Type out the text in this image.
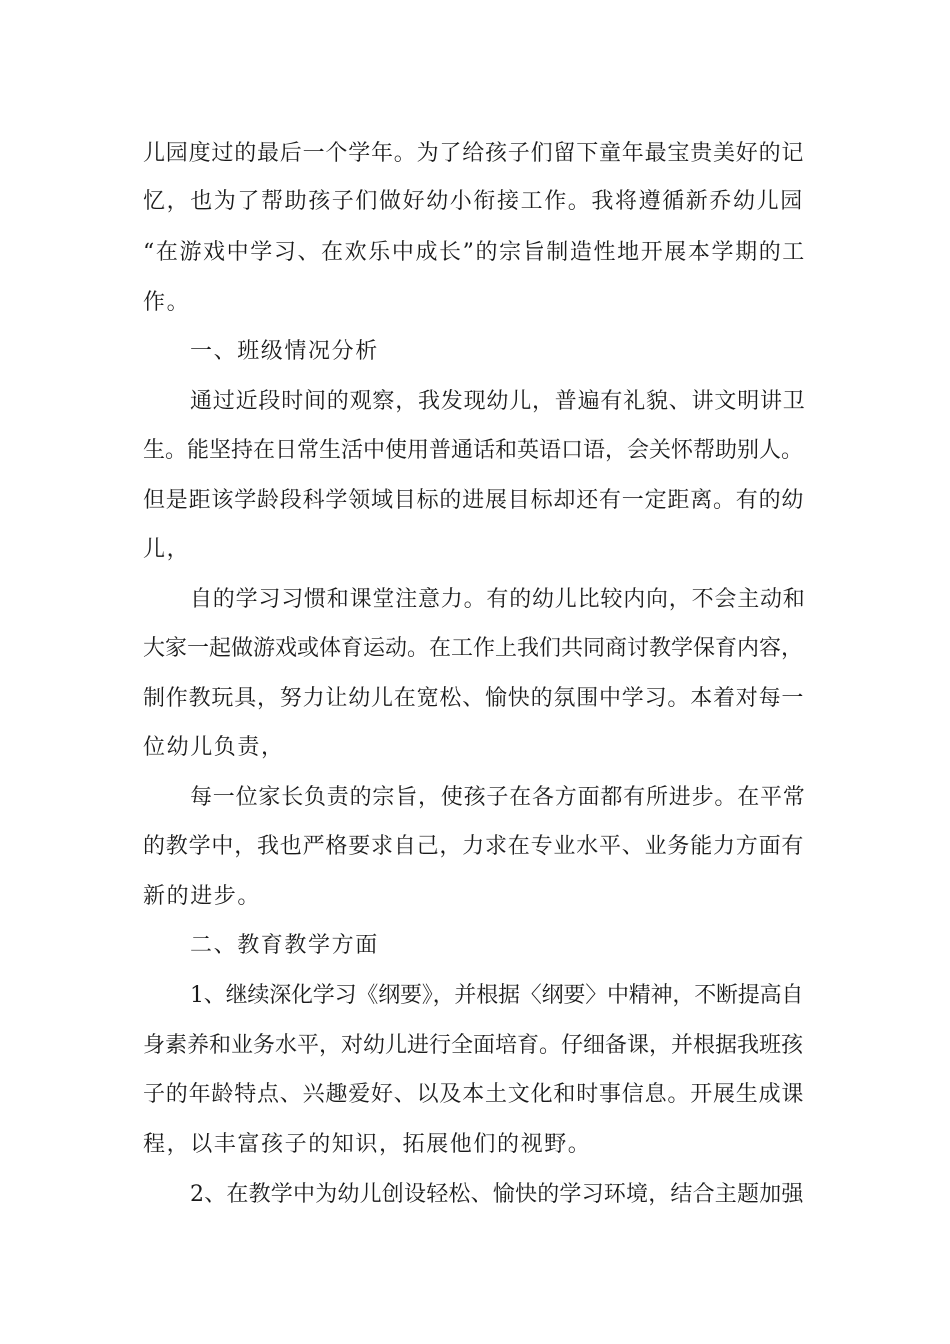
儿园度过的最后一个学年。为了给孩子们留下童年最宝贵美好的记
忆，也为了帮助孩子们做好幼小衔接工作。我将遵循新乔幼儿园
“在游戏中学习、在欢乐中成长”的宗旨制造性地开展本学期的工
作。
一、班级情况分析
通过近段时间的观察，我发现幼儿，普遍有礼貌、讲文明讲卫
生。能坚持在日常生活中使用普通话和英语口语，会关怀帮助别人。
但是距该学龄段科学领域目标的进展目标却还有一定距离。有的幼
儿，
自的学习习惯和课堂注意力。有的幼儿比较内向，不会主动和
大家一起做游戏或体育运动。在工作上我们共同商讨教学保育内容，
制作教玩具，努力让幼儿在宽松、愉快的氛围中学习。本着对每一
位幼儿负责，
每一位家长负责的宗旨，使孩子在各方面都有所进步。在平常
的教学中，我也严格要求自己，力求在专业水平、业务能力方面有
新的进步。
二、教育教学方面
1、继续深化学习《纲要》，并根据〈纲要〉中精神，不断提高自
身素养和业务水平，对幼儿进行全面培育。仔细备课，并根据我班孩
子的年龄特点、兴趣爱好、以及本土文化和时事信息。开展生成课
程，以丰富孩子的知识，拓展他们的视野。
2、在教学中为幼儿创设轻松、愉快的学习环境，结合主题加强
